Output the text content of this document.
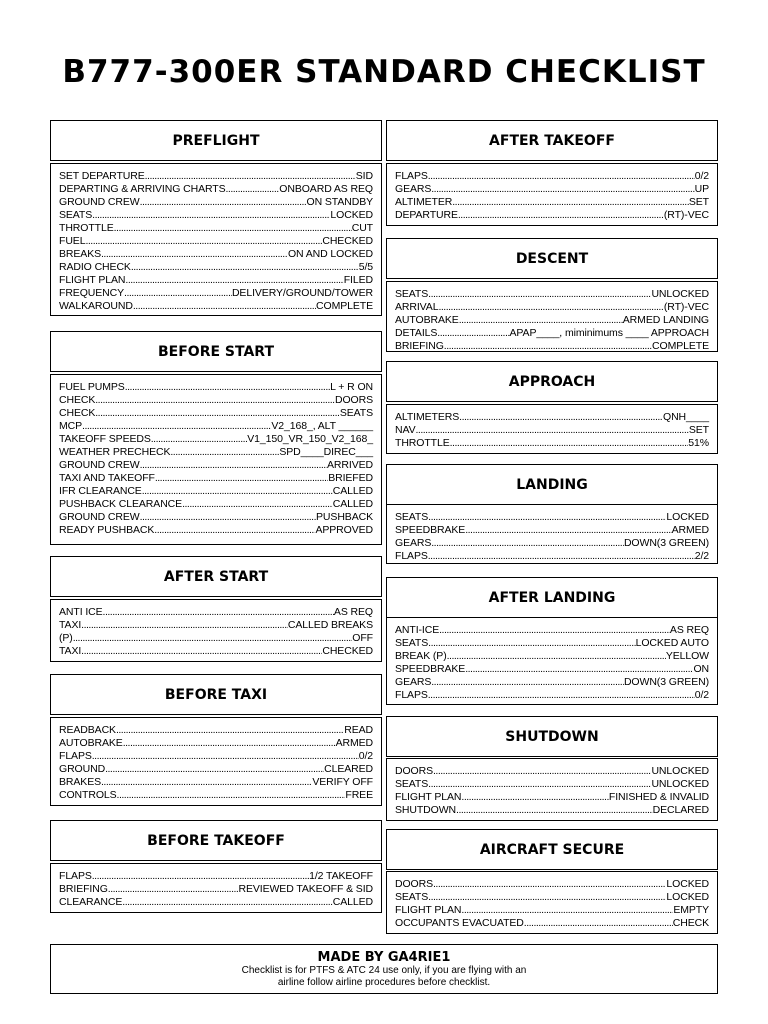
B777-300ER STANDARD CHECKLIST
PREFLIGHT
SET DEPARTURE .....	SID
DEPARTING & ARRIVING CHARTS .....	ONBOARD AS REQ
GROUND CREW .....	ON STANDBY
SEATS .....	LOCKED
THROTTLE .....	CUT
FUEL .....	CHECKED
BREAKS .....	ON AND LOCKED
RADIO CHECK .....	5/5
FLIGHT PLAN .....	FILED
FREQUENCY .....	DELIVERY/GROUND/TOWER
WALKAROUND .....	COMPLETE
BEFORE START
FUEL PUMPS .....	L + R ON
CHECK .....	DOORS
CHECK .....	SEATS
MCP .....	V2_168_, ALT ______
TAKEOFF SPEEDS .....	V1_150_VR_150_V2_168_
WEATHER PRECHECK .....	SPD____DIREC___
GROUND CREW .....	ARRIVED
TAXI AND TAKEOFF .....	BRIEFED
IFR CLEARANCE .....	CALLED
PUSHBACK CLEARANCE .....	CALLED
GROUND CREW .....	PUSHBACK
READY PUSHBACK .....	APPROVED
AFTER START
ANTI ICE .....	AS REQ
TAXI .....	CALLED BREAKS
(P) .....	OFF
TAXI .....	CHECKED
BEFORE TAXI
READBACK .....	READ
AUTOBRAKE .....	ARMED
FLAPS .....	0/2
GROUND .....	CLEARED
BRAKES .....	VERIFY OFF
CONTROLS .....	FREE
BEFORE TAKEOFF
FLAPS .....	1/2 TAKEOFF
BRIEFING .....	REVIEWED TAKEOFF & SID
CLEARANCE .....	CALLED
AFTER TAKEOFF
FLAPS .....	0/2
GEARS .....	UP
ALTIMETER .....	SET
DEPARTURE .....	(RT)-VEC
DESCENT
SEATS .....	UNLOCKED
ARRIVAL .....	(RT)-VEC
AUTOBRAKE .....	ARMED LANDING
DETAILS .....	APAP____, miminimums ____ APPROACH
BRIEFING .....	COMPLETE
APPROACH
ALTIMETERS .....	QNH____
NAV .....	SET
THROTTLE .....	51%
LANDING
SEATS .....	LOCKED
SPEEDBRAKE .....	ARMED
GEARS .....	DOWN(3 GREEN)
FLAPS .....	2/2
AFTER LANDING
ANTI-ICE .....	AS REQ
SEATS .....	LOCKED AUTO
BREAK (P) .....	YELLOW
SPEEDBRAKE .....	ON
GEARS .....	DOWN(3 GREEN)
FLAPS .....	0/2
SHUTDOWN
DOORS .....	UNLOCKED
SEATS .....	UNLOCKED
FLIGHT PLAN .....	FINISHED & INVALID
SHUTDOWN .....	DECLARED
AIRCRAFT SECURE
DOORS .....	LOCKED
SEATS .....	LOCKED
FLIGHT PLAN .....	EMPTY
OCCUPANTS EVACUATED .....	CHECK
MADE BY GA4RIE1
Checklist is for PTFS & ATC 24 use only, if you are flying with an
airline follow airline procedures before checklist.
